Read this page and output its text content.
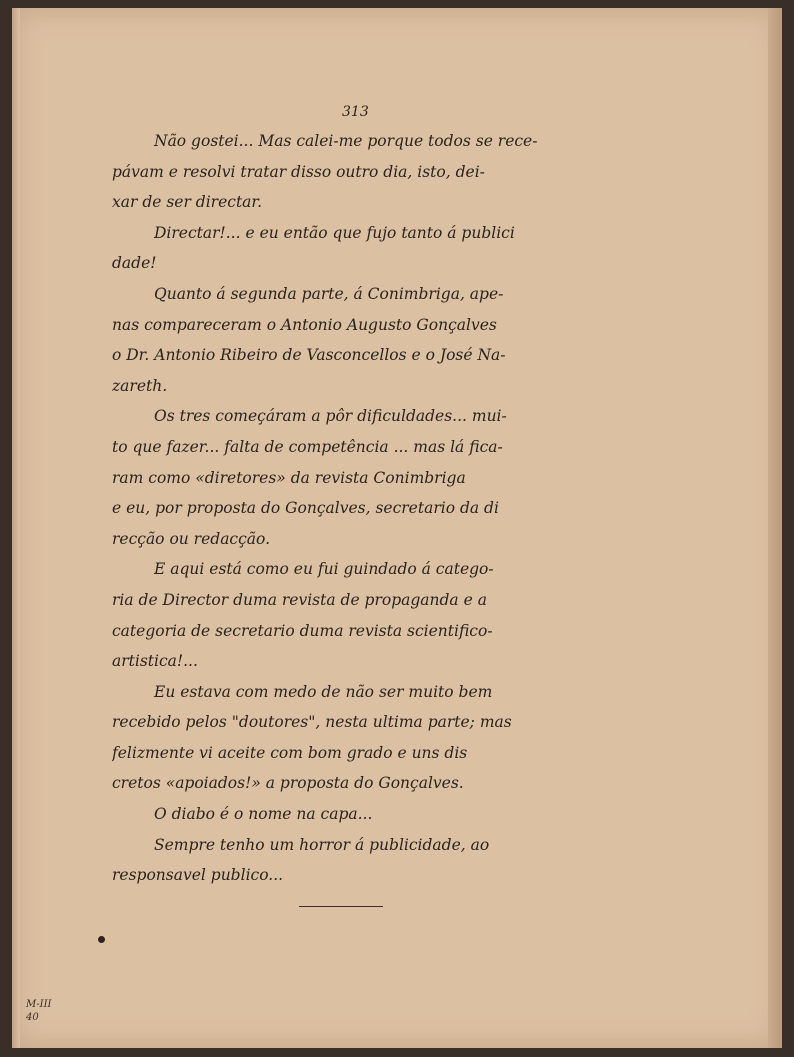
313
Não gostei... Mas calei-me porque todos se rece-
pávam e resolvi tratar disso outro dia, isto, dei-
xar de ser directar.
Directar!... e eu então que fujo tanto á publici
dade!
Quanto á segunda parte, á Conimbriga, ape-
nas compareceram o Antonio Augusto Gonçalves
o Dr. Antonio Ribeiro de Vasconcellos e o José Na-
zareth.
Os tres começáram a pôr dificuldades... mui-
to que fazer... falta de competência ... mas lá fica-
ram como «diretores» da revista Conimbriga
e eu, por proposta do Gonçalves, secretario da di
recção ou redacção.
E aqui está como eu fui guindado á catego-
ria de Director duma revista de propaganda e a
categoria de secretario duma revista scientifico-
artistica!...
Eu estava com medo de não ser muito bem
recebido pelos "doutores", nesta ultima parte; mas
felizmente vi aceite com bom grado e uns dis
cretos «apoiados!» a proposta do Gonçalves.
O diabo é o nome na capa...
Sempre tenho um horror á publicidade, ao
responsavel publico...
M-III
40
